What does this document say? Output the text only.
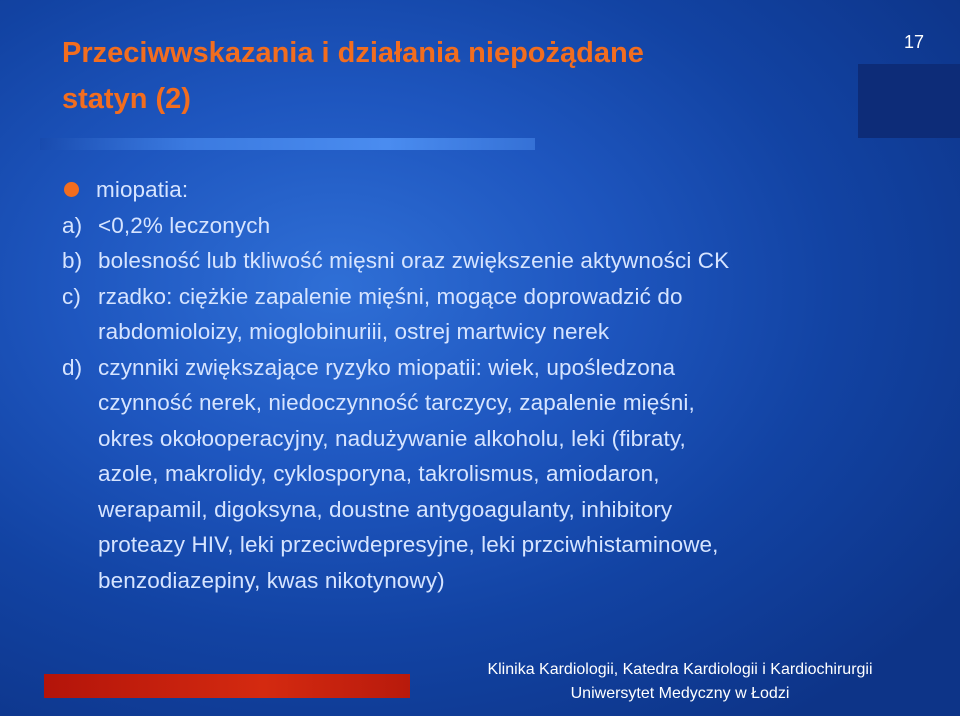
Przeciwwskazania i działania niepożądane
statyn (2)
17
miopatia:
a) <0,2% leczonych
b) bolesność lub tkliwość mięsni oraz zwiększenie aktywności CK
c) rzadko: ciężkie zapalenie mięśni, mogące doprowadzić do
rabdomioloizy, mioglobinuriii, ostrej martwicy nerek
d) czynniki zwiększające ryzyko miopatii: wiek, upośledzona
czynność nerek, niedoczynność tarczycy, zapalenie mięśni,
okres okołooperacyjny, nadużywanie alkoholu, leki (fibraty,
azole, makrolidy, cyklosporyna, takrolismus, amiodaron,
werapamil, digoksyna, doustne antygoagulanty, inhibitory
proteazy HIV, leki przeciwdepresyjne, leki przciwhistaminowe,
benzodiazepiny, kwas nikotynowy)
Klinika Kardiologii, Katedra Kardiologii i Kardiochirurgii
Uniwersytet Medyczny w Łodzi
